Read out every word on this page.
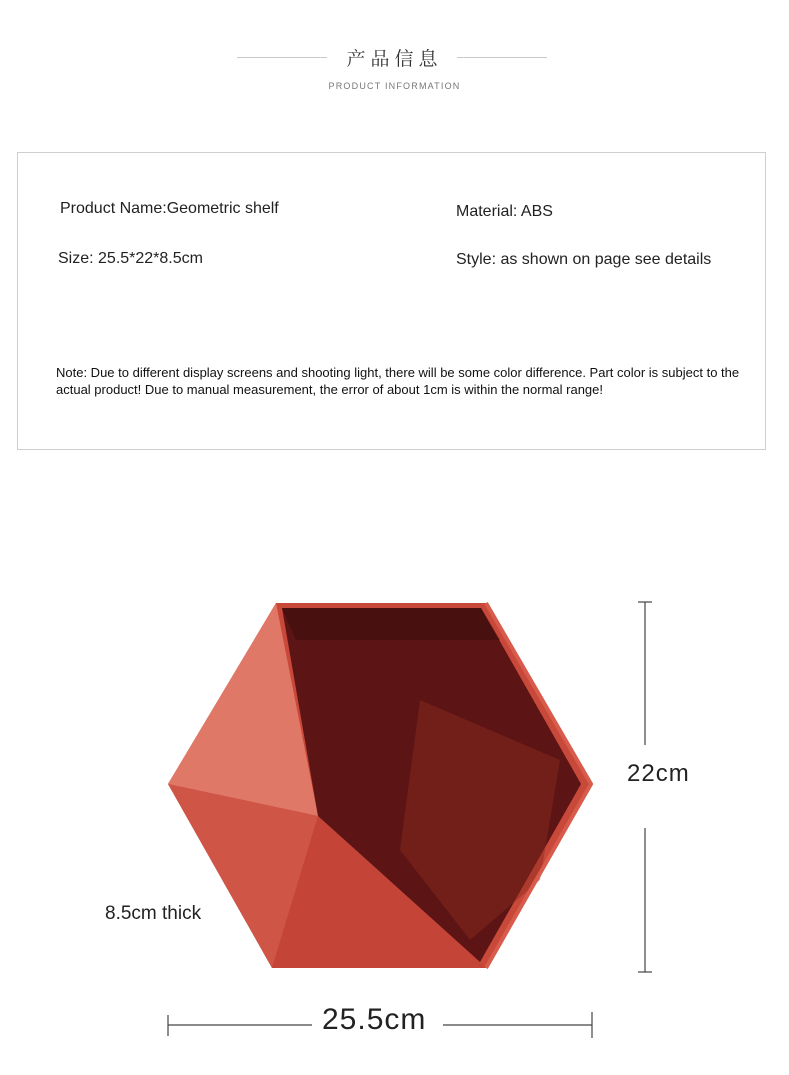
产品信息
PRODUCT INFORMATION
Product Name:Geometric shelf	Material: ABS
Size: 25.5*22*8.5cm	Style: as shown on page see details
Note: Due to different display screens and shooting light, there will be some color difference. Part color is subject to the actual product! Due to manual measurement, the error of about 1cm is within the normal range!
22cm
25.5cm
8.5cm thick
